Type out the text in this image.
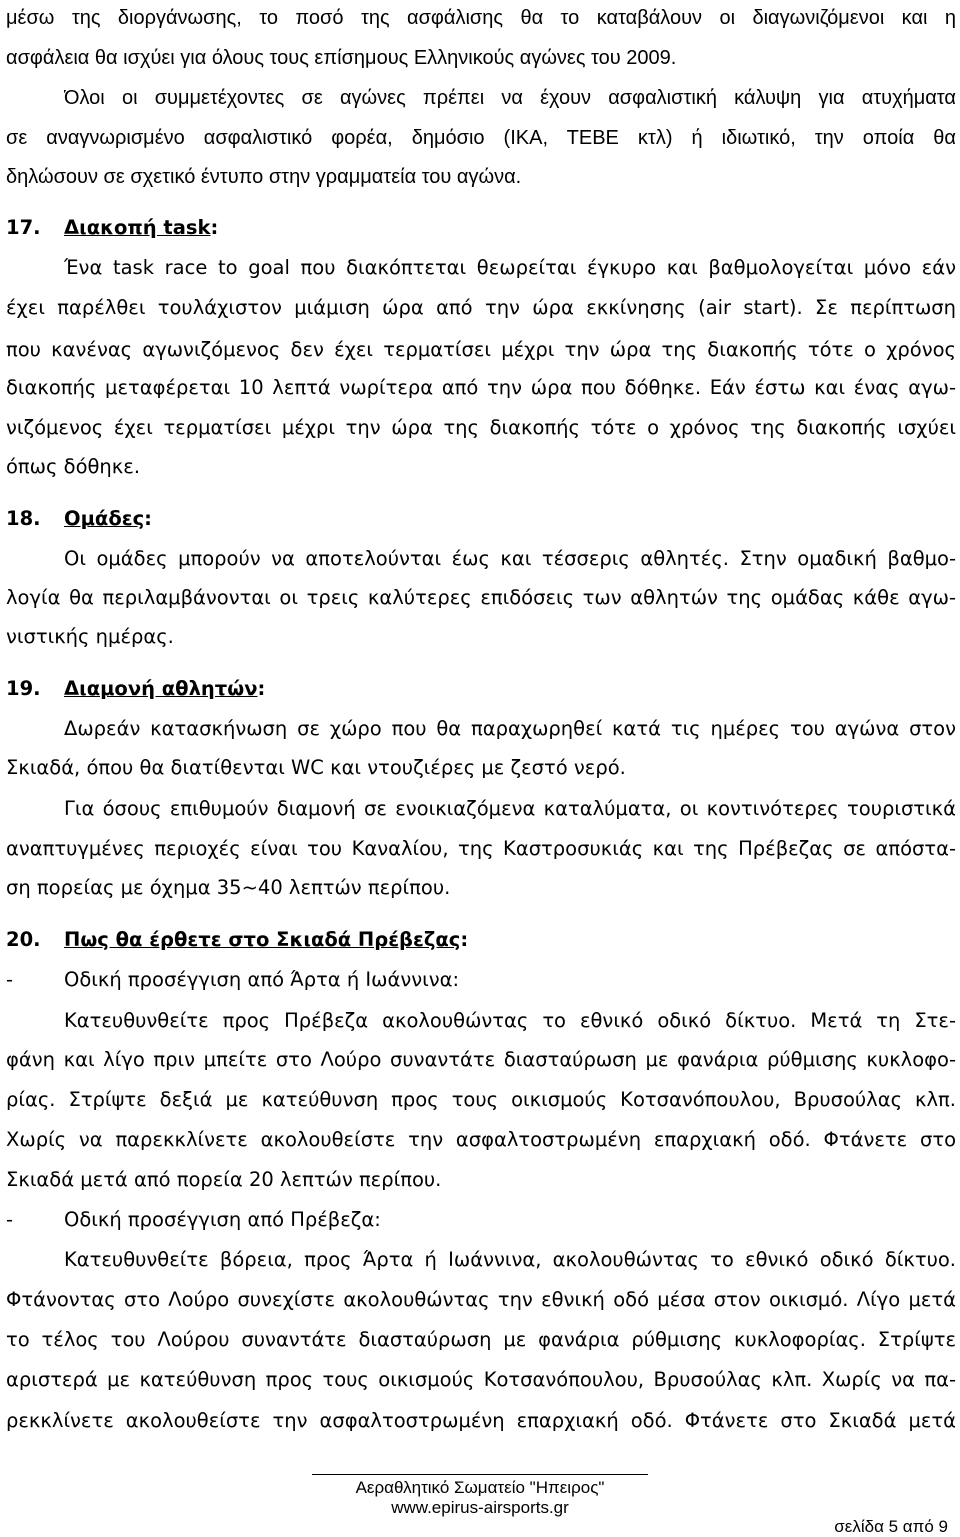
μέσω της διοργάνωσης, το ποσό της ασφάλισης θα το καταβάλουν οι διαγωνιζόμενοι και η

ασφάλεια θα ισχύει για όλους τους επίσημους Ελληνικούς αγώνες του 2009.

Όλοι οι συμμετέχοντες σε αγώνες πρέπει να έχουν ασφαλιστική κάλυψη για ατυχήματα

σε αναγνωρισμένο ασφαλιστικό φορέα, δημόσιο (ΙΚΑ, ΤΕΒΕ κτλ) ή ιδιωτικό, την οποία θα

δηλώσουν σε σχετικό έντυπο στην γραμματεία του αγώνα.

17. Διακοπή task:

Ένα task race to goal που διακόπτεται θεωρείται έγκυρο και βαθμολογείται μόνο εάν

έχει παρέλθει τουλάχιστον μιάμιση ώρα από την ώρα εκκίνησης (air start). Σε περίπτωση

που κανένας αγωνιζόμενος δεν έχει τερματίσει μέχρι την ώρα της διακοπής τότε ο χρόνος

διακοπής μεταφέρεται 10 λεπτά νωρίτερα από την ώρα που δόθηκε. Εάν έστω και ένας αγω-

νιζόμενος έχει τερματίσει μέχρι την ώρα της διακοπής τότε ο χρόνος της διακοπής ισχύει

όπως δόθηκε.

18. Ομάδες:

Οι ομάδες μπορούν να αποτελούνται έως και τέσσερις αθλητές. Στην ομαδική βαθμο-

λογία θα περιλαμβάνονται οι τρεις καλύτερες επιδόσεις των αθλητών της ομάδας κάθε αγω-

νιστικής ημέρας.

19. Διαμονή αθλητών:

Δωρεάν κατασκήνωση σε χώρο που θα παραχωρηθεί κατά τις ημέρες του αγώνα στον

Σκιαδά, όπου θα διατίθενται WC και ντουζιέρες με ζεστό νερό.

Για όσους επιθυμούν διαμονή σε ενοικιαζόμενα καταλύματα, οι κοντινότερες τουριστικά

αναπτυγμένες περιοχές είναι του Καναλίου, της Καστροσυκιάς και της Πρέβεζας σε απόστα-

ση πορείας με όχημα 35~40 λεπτών περίπου.

20. Πως θα έρθετε στο Σκιαδά Πρέβεζας:

-	Οδική προσέγγιση από Άρτα ή Ιωάννινα:

Κατευθυνθείτε προς Πρέβεζα ακολουθώντας το εθνικό οδικό δίκτυο. Μετά τη Στε-

φάνη και λίγο πριν μπείτε στο Λούρο συναντάτε διασταύρωση με φανάρια ρύθμισης κυκλοφο-

ρίας. Στρίψτε δεξιά με κατεύθυνση προς τους οικισμούς Κοτσανόπουλου, Βρυσούλας κλπ.

Χωρίς να παρεκκλίνετε ακολουθείστε την ασφαλτοστρωμένη επαρχιακή οδό. Φτάνετε στο

Σκιαδά μετά από πορεία 20 λεπτών περίπου.

-	Οδική προσέγγιση από Πρέβεζα:

Κατευθυνθείτε βόρεια, προς Άρτα ή Ιωάννινα, ακολουθώντας το εθνικό οδικό δίκτυο.

Φτάνοντας στο Λούρο συνεχίστε ακολουθώντας την εθνική οδό μέσα στον οικισμό. Λίγο μετά

το τέλος του Λούρου συναντάτε διασταύρωση με φανάρια ρύθμισης κυκλοφορίας. Στρίψτε

αριστερά με κατεύθυνση προς τους οικισμούς Κοτσανόπουλου, Βρυσούλας κλπ. Χωρίς να πα-

ρεκκλίνετε ακολουθείστε την ασφαλτοστρωμένη επαρχιακή οδό. Φτάνετε στο Σκιαδά μετά

Αεραθλητικό Σωματείο "Ηπειρος"
www.epirus-airsports.gr
σελίδα 5 από 9
